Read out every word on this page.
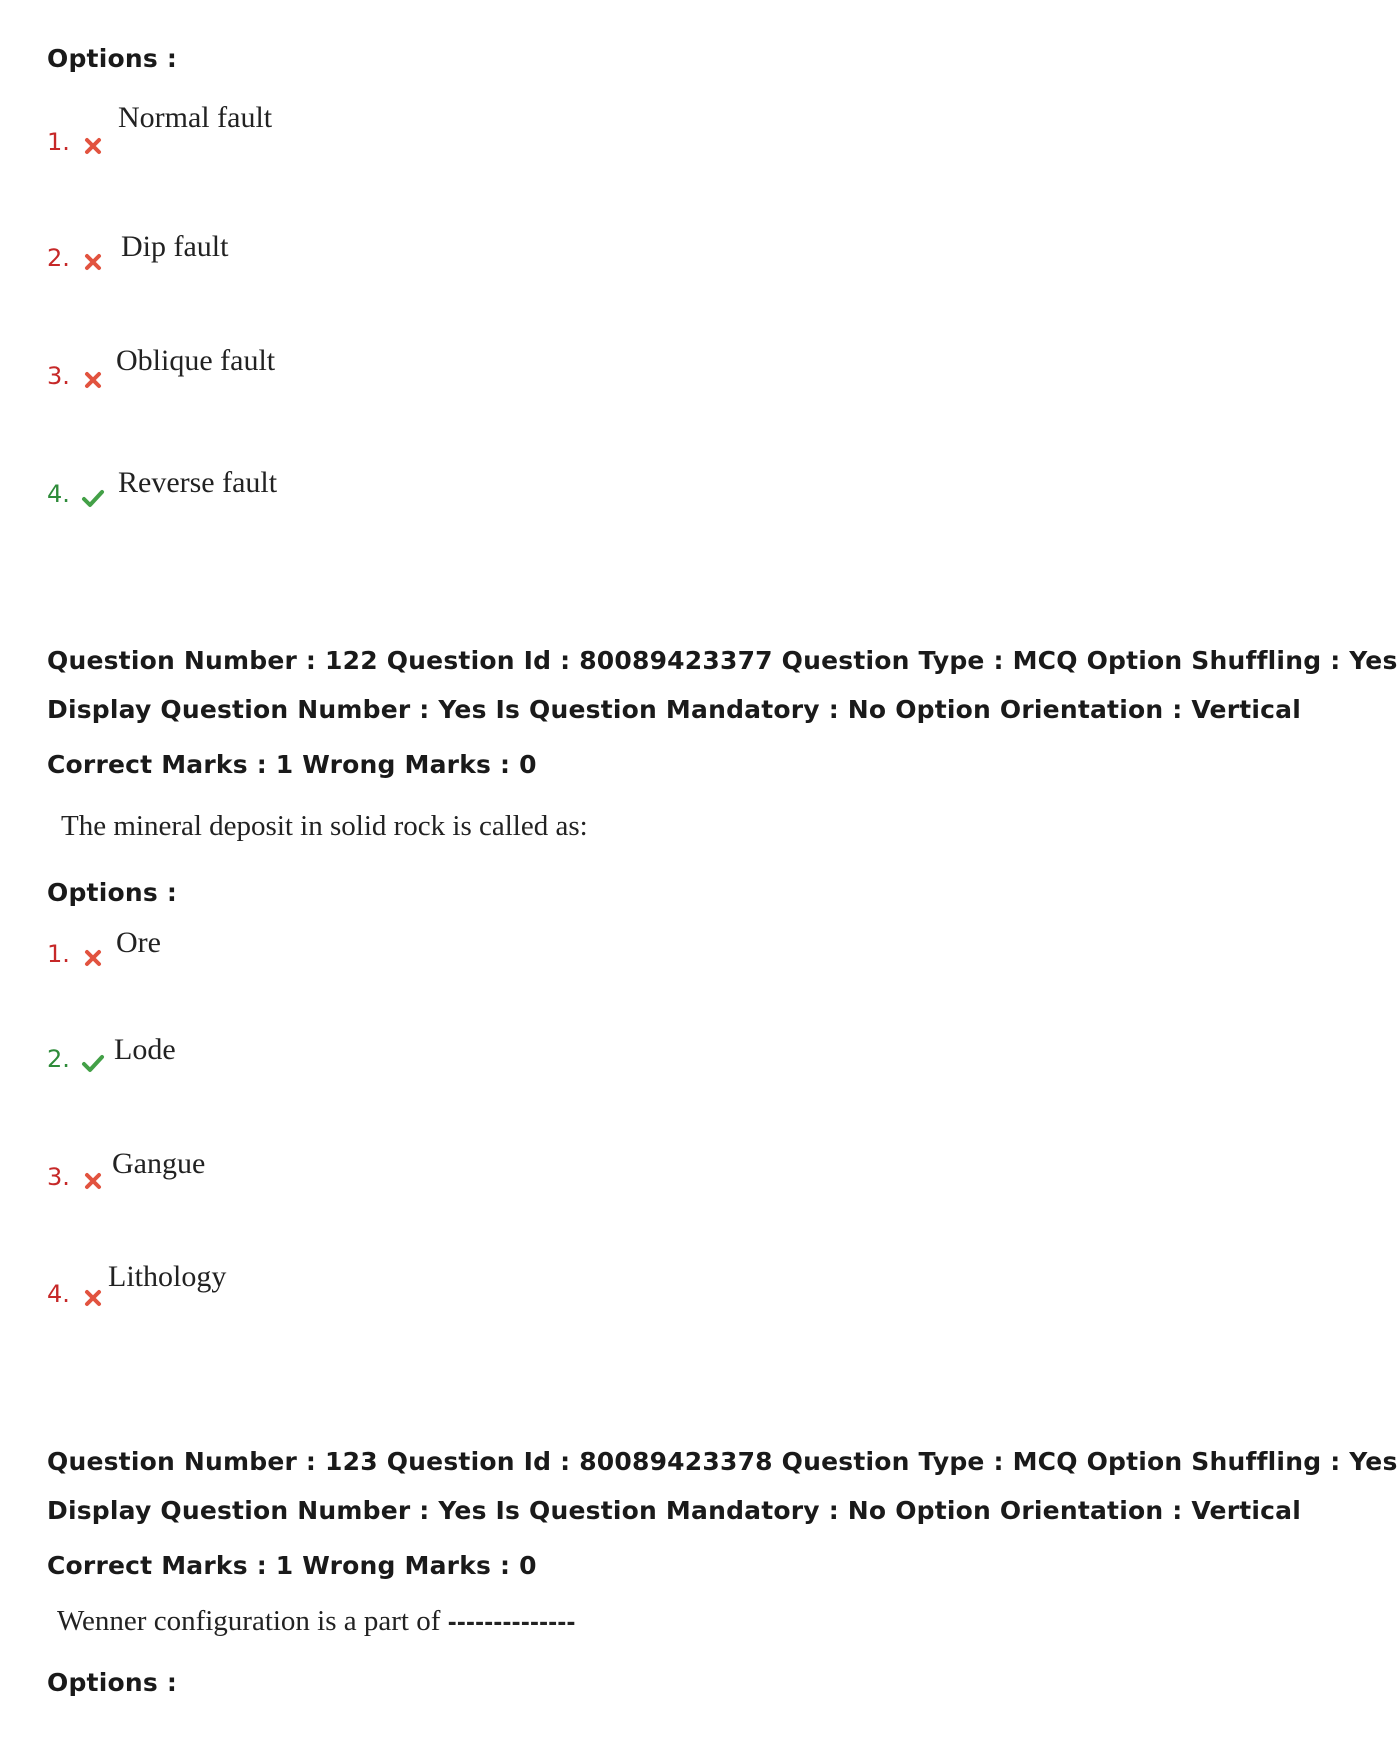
Options :
1.
Normal fault
2.	Dip fault
3.	Oblique fault
4.	Reverse fault
Question Number : 122 Question Id : 80089423377 Question Type : MCQ Option Shuffling : Yes
Display Question Number : Yes Is Question Mandatory : No Option Orientation : Vertical
Correct Marks : 1 Wrong Marks : 0
The mineral deposit in solid rock is called as:
Options :
1.	Ore
2.	Lode
3.	Gangue
4.
Lithology
Question Number : 123 Question Id : 80089423378 Question Type : MCQ Option Shuffling : Yes
Display Question Number : Yes Is Question Mandatory : No Option Orientation : Vertical
Correct Marks : 1 Wrong Marks : 0
Wenner configuration is a part of --------------
Options :
